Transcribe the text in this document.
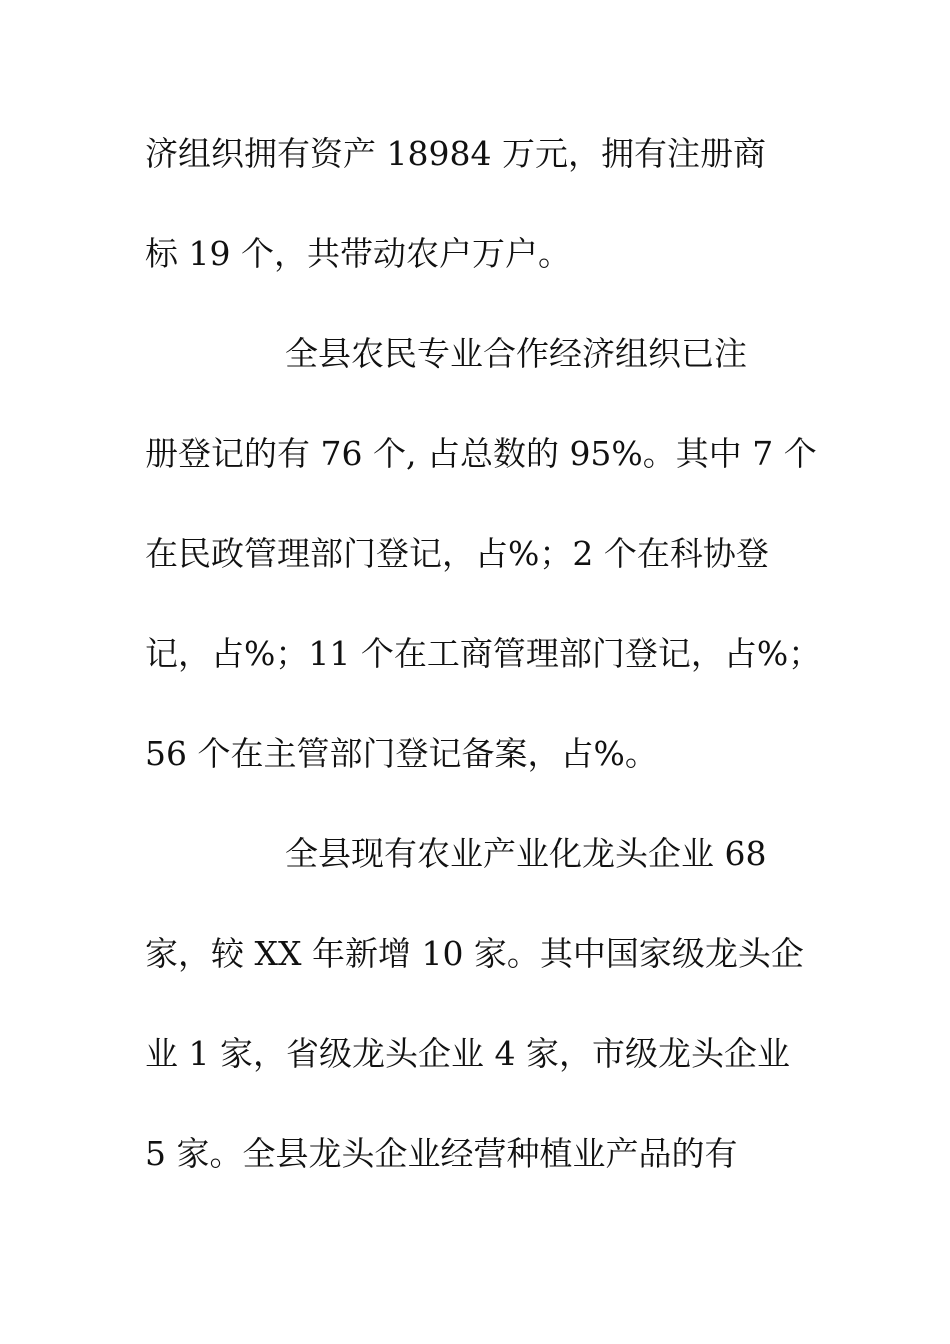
济组织拥有资产 18984 万元，拥有注册商
标 19 个，共带动农户万户。
全县农民专业合作经济组织已注
册登记的有 76 个, 占总数的 95%。其中 7 个
在民政管理部门登记，占%；2 个在科协登
记，占%；11 个在工商管理部门登记，占%；
56 个在主管部门登记备案，占%。
全县现有农业产业化龙头企业 68
家，较 XX 年新增 10 家。其中国家级龙头企
业 1 家，省级龙头企业 4 家，市级龙头企业
5 家。全县龙头企业经营种植业产品的有
